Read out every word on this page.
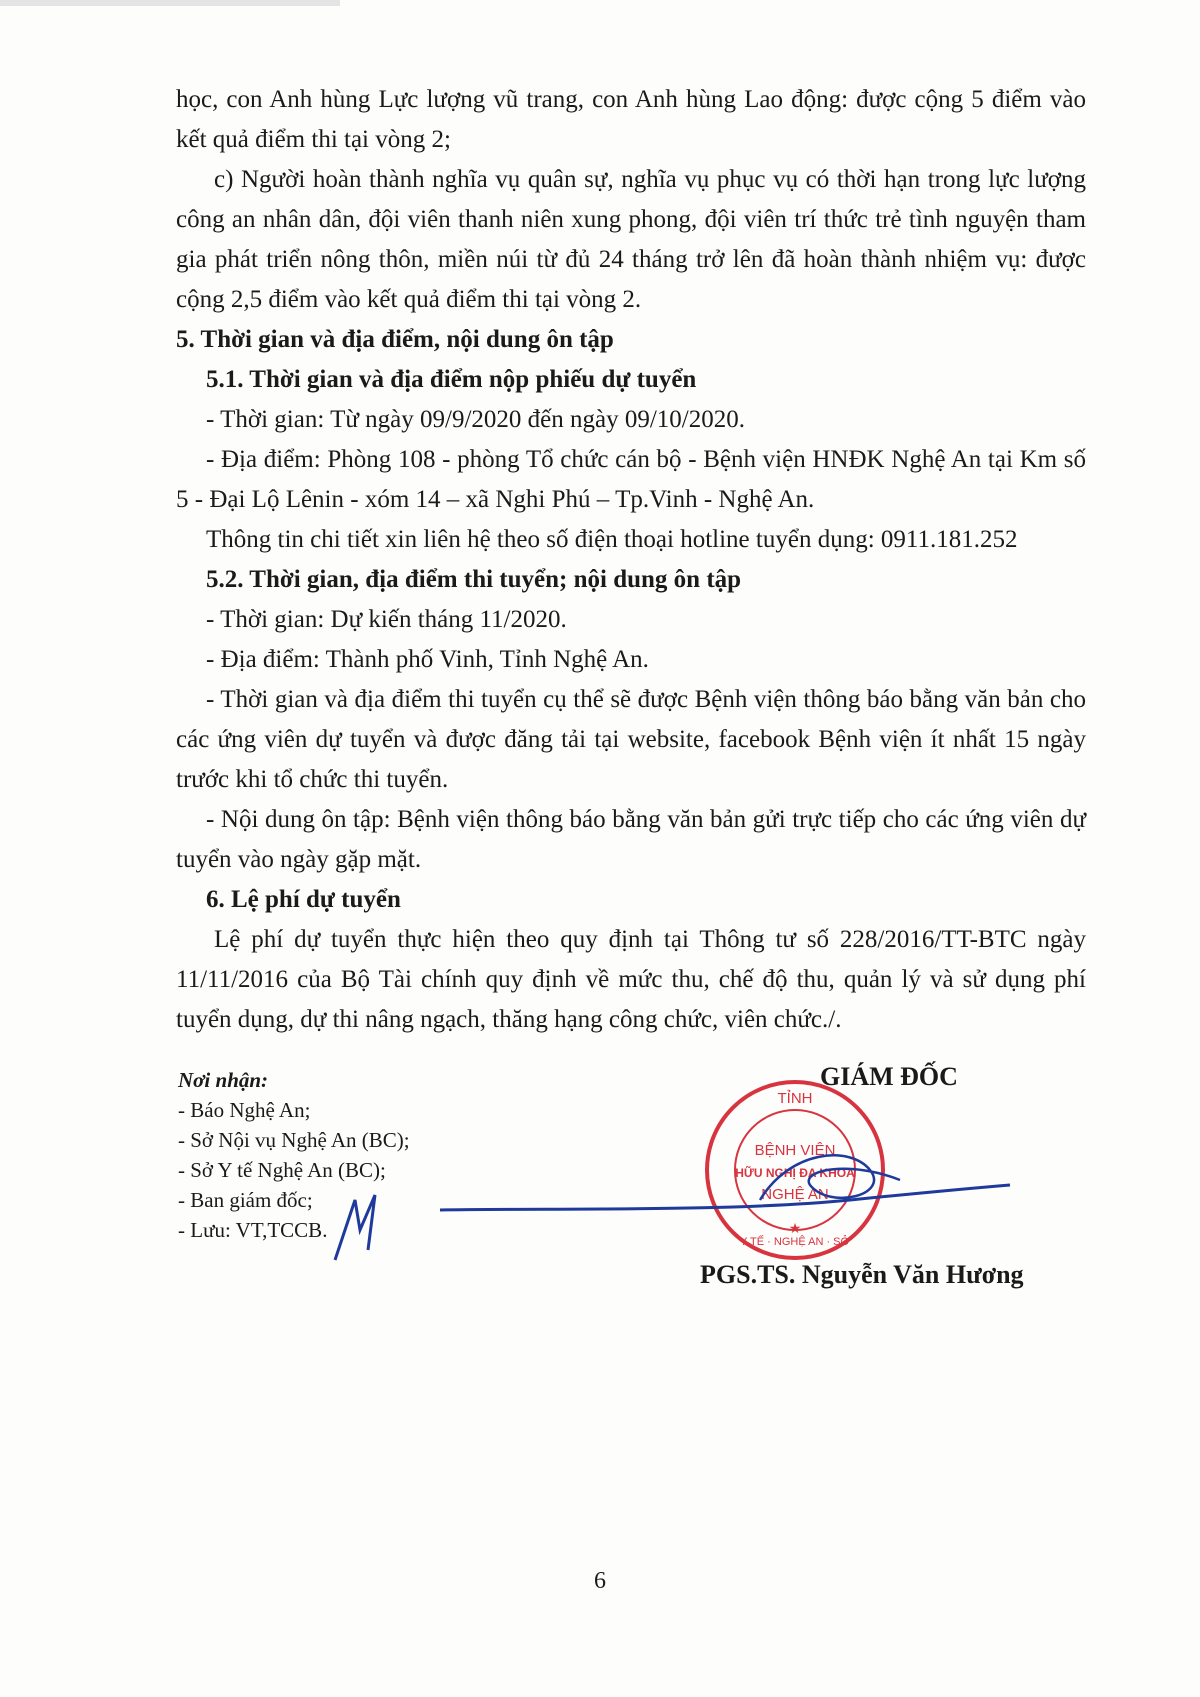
học, con Anh hùng Lực lượng vũ trang, con Anh hùng Lao động: được cộng 5 điểm vào kết quả điểm thi tại vòng 2;

c) Người hoàn thành nghĩa vụ quân sự, nghĩa vụ phục vụ có thời hạn trong lực lượng công an nhân dân, đội viên thanh niên xung phong, đội viên trí thức trẻ tình nguyện tham gia phát triển nông thôn, miền núi từ đủ 24 tháng trở lên đã hoàn thành nhiệm vụ: được cộng 2,5 điểm vào kết quả điểm thi tại vòng 2.

5. Thời gian và địa điểm, nội dung ôn tập

5.1. Thời gian và địa điểm nộp phiếu dự tuyển

- Thời gian: Từ ngày 09/9/2020 đến ngày 09/10/2020.

- Địa điểm: Phòng 108 - phòng Tổ chức cán bộ - Bệnh viện HNĐK Nghệ An tại Km số 5 - Đại Lộ Lênin - xóm 14 – xã Nghi Phú – Tp.Vinh - Nghệ An.

Thông tin chi tiết xin liên hệ theo số điện thoại hotline tuyển dụng: 0911.181.252

5.2. Thời gian, địa điểm thi tuyển; nội dung ôn tập

- Thời gian: Dự kiến tháng 11/2020.

- Địa điểm: Thành phố Vinh, Tỉnh Nghệ An.

- Thời gian và địa điểm thi tuyển cụ thể sẽ được Bệnh viện thông báo bằng văn bản cho các ứng viên dự tuyển và được đăng tải tại website, facebook Bệnh viện ít nhất 15 ngày trước khi tổ chức thi tuyển.

- Nội dung ôn tập: Bệnh viện thông báo bằng văn bản gửi trực tiếp cho các ứng viên dự tuyển vào ngày gặp mặt.

6. Lệ phí dự tuyển

Lệ phí dự tuyển thực hiện theo quy định tại Thông tư số 228/2016/TT-BTC ngày 11/11/2016 của Bộ Tài chính quy định về mức thu, chế độ thu, quản lý và sử dụng phí tuyển dụng, dự thi nâng ngạch, thăng hạng công chức, viên chức./.

Nơi nhận:
- Báo Nghệ An;
- Sở Nội vụ Nghệ An (BC);
- Sở Y tế Nghệ An (BC);
- Ban giám đốc;
- Lưu: VT,TCCB.
GIÁM ĐỐC
TỈNH
BỆNH VIỆN
HỮU NGHỊ ĐA KHOA
NGHỆ AN
Y TẾ · NGHỆ AN · SỞ
★
PGS.TS. Nguyễn Văn Hương
6
